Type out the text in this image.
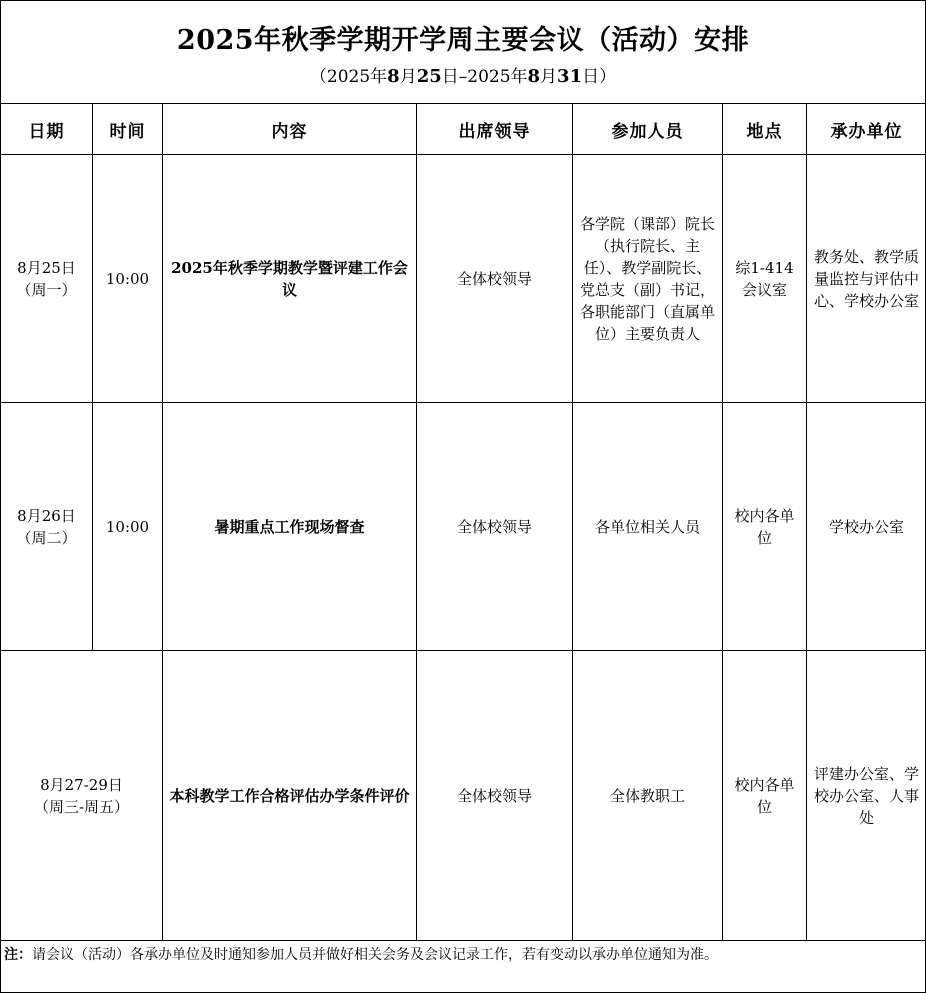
2025年秋季学期开学周主要会议（活动）安排
（2025年8月25日–2025年8月31日）
日期	时间	内容	出席领导	参加人员	地点	承办单位

8月25日
（周一）	10:00	2025年秋季学期教学暨评建工作会议	全体校领导	各学院（课部）院长（执行院长、主任）、教学副院长、党总支（副）书记，各职能部门（直属单位）主要负责人	综1-414会议室	教务处、教学质量监控与评估中心、学校办公室

8月26日
（周二）	10:00	暑期重点工作现场督查	全体校领导	各单位相关人员	校内各单位	学校办公室

8月27-29日
（周三-周五）		本科教学工作合格评估办学条件评价	全体校领导	全体教职工	校内各单位	评建办公室、学校办公室、人事处
注：请会议（活动）各承办单位及时通知参加人员并做好相关会务及会议记录工作，若有变动以承办单位通知为准。
